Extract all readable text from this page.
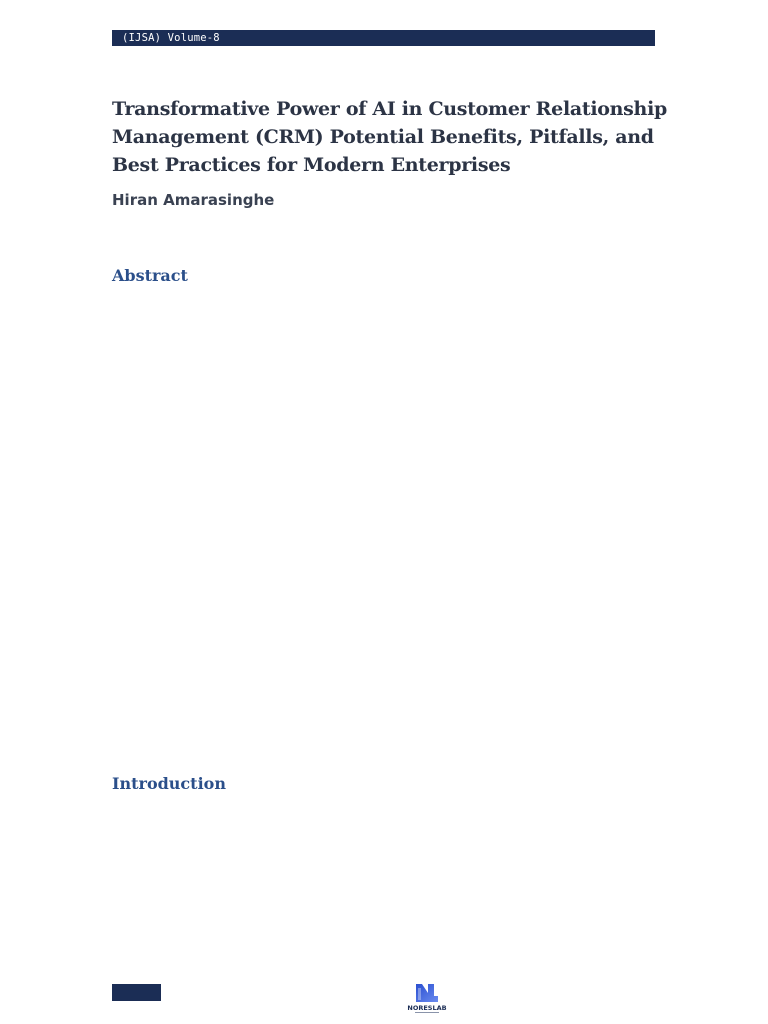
(IJSA) Volume-8
Transformative Power of AI in Customer Relationship Management (CRM) Potential Benefits, Pitfalls, and Best Practices for Modern Enterprises

Hiran Amarasinghe

Abstract
Introduction
NORESLAB
